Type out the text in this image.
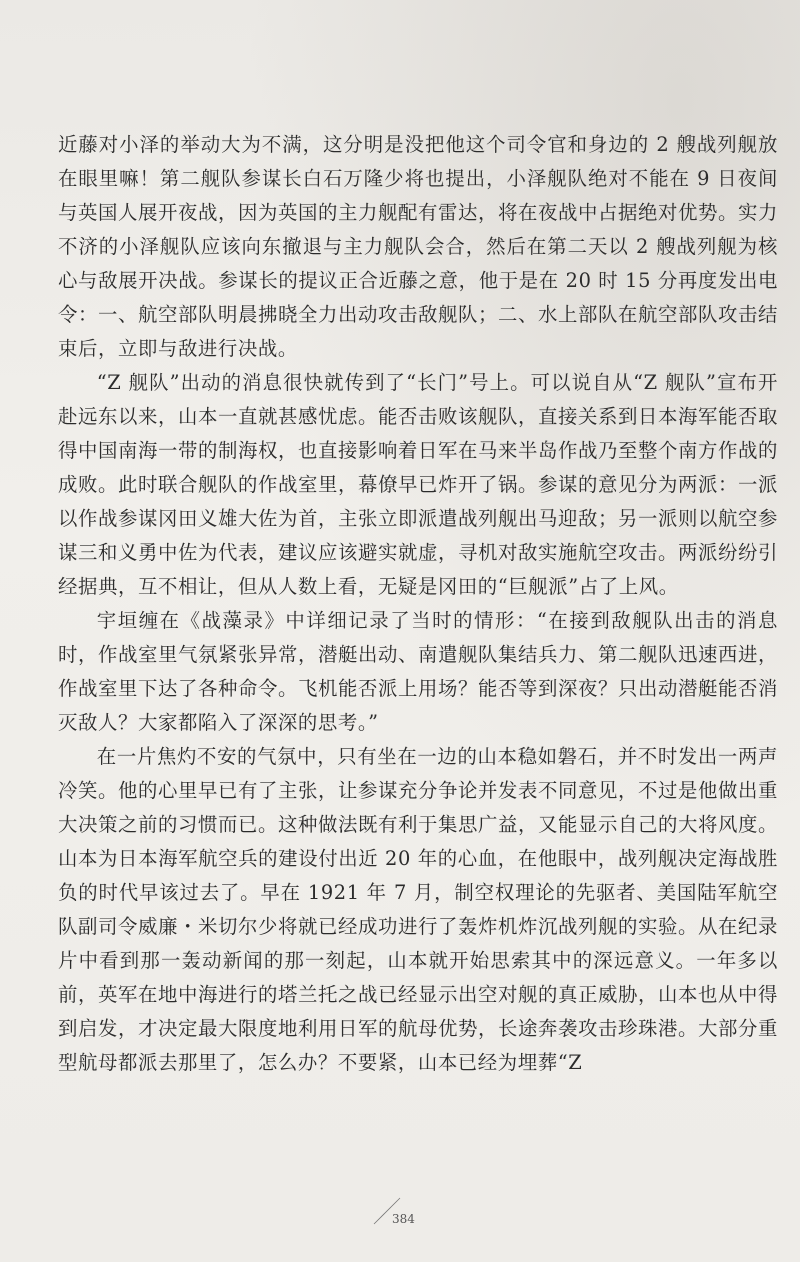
近藤对小泽的举动大为不满，这分明是没把他这个司令官和身边的 2 艘战列舰放在眼里嘛！第二舰队参谋长白石万隆少将也提出，小泽舰队绝对不能在 9 日夜间与英国人展开夜战，因为英国的主力舰配有雷达，将在夜战中占据绝对优势。实力不济的小泽舰队应该向东撤退与主力舰队会合，然后在第二天以 2 艘战列舰为核心与敌展开决战。参谋长的提议正合近藤之意，他于是在 20 时 15 分再度发出电令：一、航空部队明晨拂晓全力出动攻击敌舰队；二、水上部队在航空部队攻击结束后，立即与敌进行决战。

“Z 舰队”出动的消息很快就传到了“长门”号上。可以说自从“Z 舰队”宣布开赴远东以来，山本一直就甚感忧虑。能否击败该舰队，直接关系到日本海军能否取得中国南海一带的制海权，也直接影响着日军在马来半岛作战乃至整个南方作战的成败。此时联合舰队的作战室里，幕僚早已炸开了锅。参谋的意见分为两派：一派以作战参谋冈田义雄大佐为首，主张立即派遣战列舰出马迎敌；另一派则以航空参谋三和义勇中佐为代表，建议应该避实就虚，寻机对敌实施航空攻击。两派纷纷引经据典，互不相让，但从人数上看，无疑是冈田的“巨舰派”占了上风。

宇垣缠在《战藻录》中详细记录了当时的情形：“在接到敌舰队出击的消息时，作战室里气氛紧张异常，潜艇出动、南遣舰队集结兵力、第二舰队迅速西进，作战室里下达了各种命令。飞机能否派上用场？能否等到深夜？只出动潜艇能否消灭敌人？大家都陷入了深深的思考。”

在一片焦灼不安的气氛中，只有坐在一边的山本稳如磐石，并不时发出一两声冷笑。他的心里早已有了主张，让参谋充分争论并发表不同意见，不过是他做出重大决策之前的习惯而已。这种做法既有利于集思广益，又能显示自己的大将风度。山本为日本海军航空兵的建设付出近 20 年的心血，在他眼中，战列舰决定海战胜负的时代早该过去了。早在 1921 年 7 月，制空权理论的先驱者、美国陆军航空队副司令威廉・米切尔少将就已经成功进行了轰炸机炸沉战列舰的实验。从在纪录片中看到那一轰动新闻的那一刻起，山本就开始思索其中的深远意义。一年多以前，英军在地中海进行的塔兰托之战已经显示出空对舰的真正威胁，山本也从中得到启发，才决定最大限度地利用日军的航母优势，长途奔袭攻击珍珠港。大部分重型航母都派去那里了，怎么办？不要紧，山本已经为埋葬“Z

384
